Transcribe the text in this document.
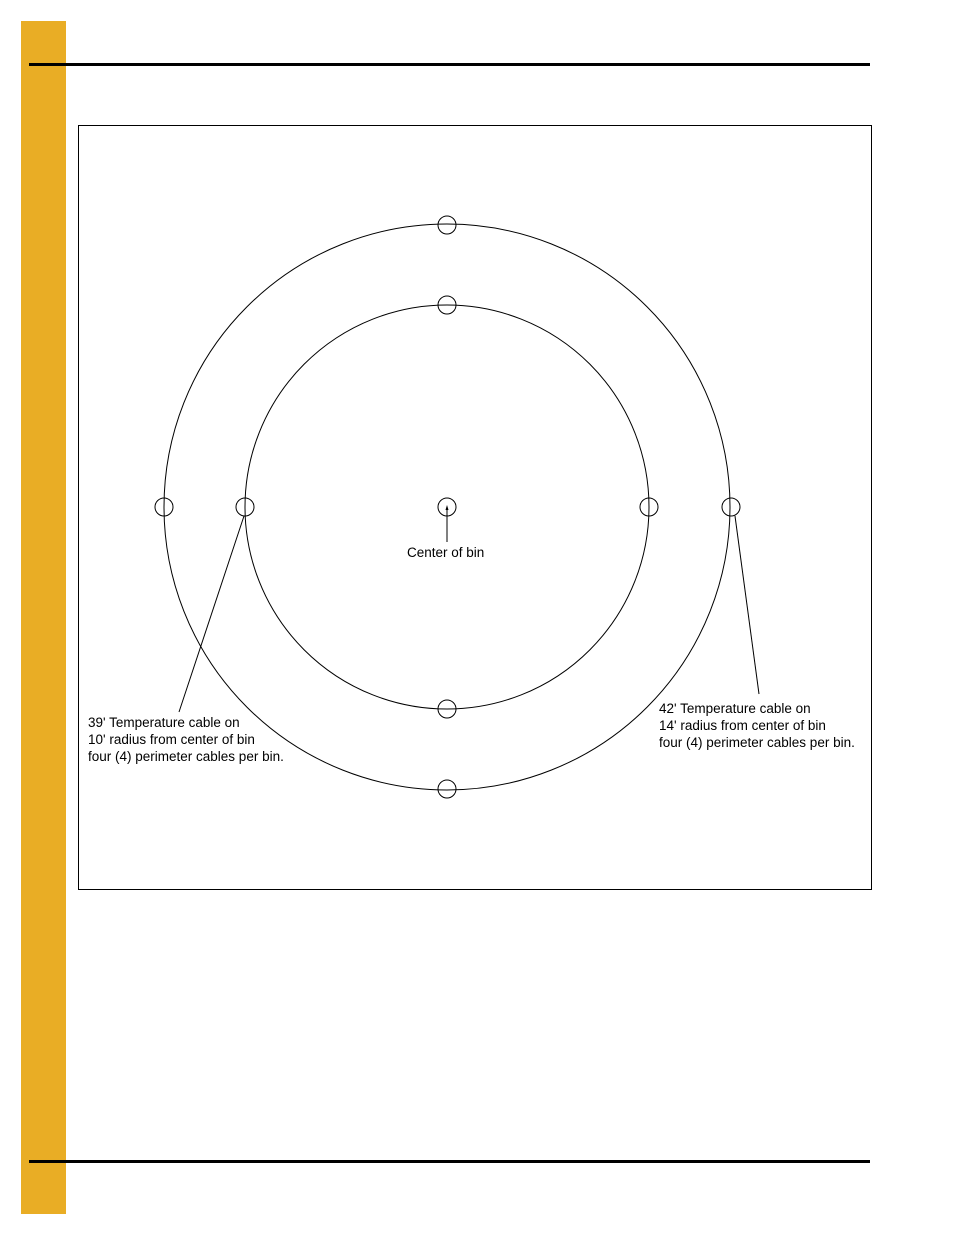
Center of bin
39' Temperature cable on
10' radius from center of bin
four (4) perimeter cables per bin.
42' Temperature cable on
14' radius from center of bin
four (4) perimeter cables per bin.
